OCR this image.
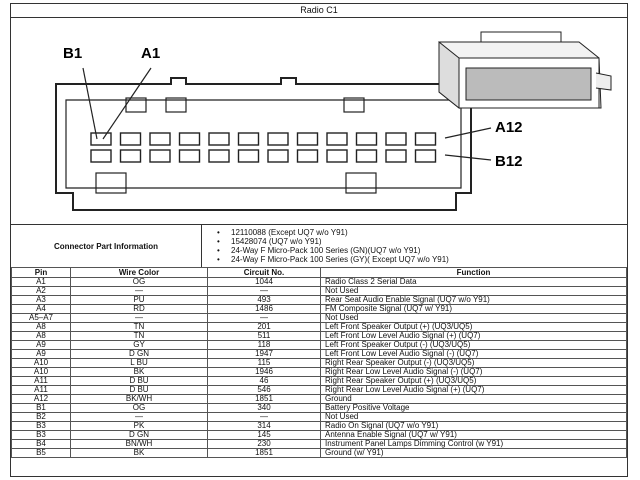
Radio C1
B1	A1
A12
B12
Connector Part Information
• 12110088 (Except UQ7 w/o Y91)
• 15428074 (UQ7 w/o Y91)
• 24-Way F Micro-Pack 100 Series (GN)(UQ7 w/o Y91)
• 24-Way F Micro-Pack 100 Series (GY)( Except UQ7 w/o Y91)
Pin	Wire Color	Circuit No.	Function
A1	OG	1044	Radio Class 2 Serial Data
A2	—	—	Not Used
A3	PU	493	Rear Seat Audio Enable Signal (UQ7 w/o Y91)
A4	RD	1486	FM Composite Signal (UQ7 w/ Y91)
A5–A7	—	—	Not Used
A8	TN	201	Left Front Speaker Output (+) (UQ3/UQ5)
A8	TN	511	Left Front Low Level Audio Signal (+) (UQ7)
A9	GY	118	Left Front Speaker Output (-) (UQ3/UQ5)
A9	D GN	1947	Left Front Low Level Audio Signal (-) (UQ7)
A10	L BU	115	Right Rear Speaker Output (-) (UQ3/UQ5)
A10	BK	1946	Right Rear Low Level Audio Signal (-) (UQ7)
A11	D BU	46	Right Rear Speaker Output (+) (UQ3/UQ5)
A11	D BU	546	Right Rear Low Level Audio Signal (+) (UQ7)
A12	BK/WH	1851	Ground
B1	OG	340	Battery Positive Voltage
B2	—	—	Not Used
B3	PK	314	Radio On Signal (UQ7 w/o Y91)
B3	D GN	145	Antenna Enable Signal (UQ7 w/ Y91)
B4	BN/WH	230	Instrument Panel Lamps Dimming Control (w Y91)
B5	BK	1851	Ground (w/ Y91)
